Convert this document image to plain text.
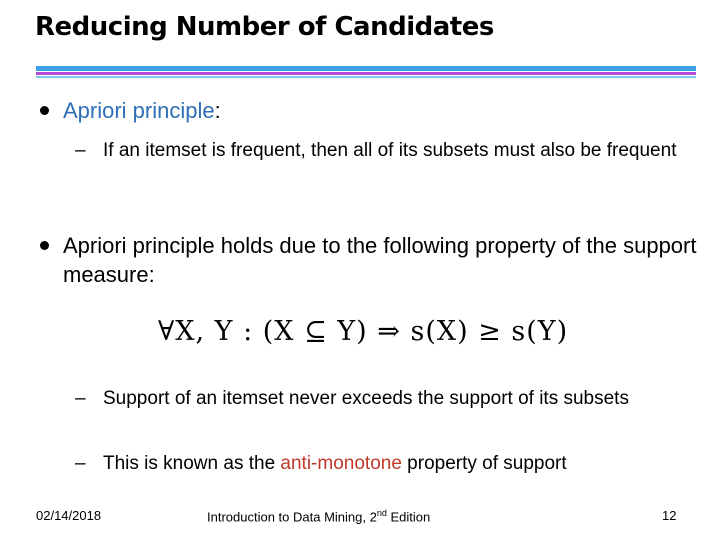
Reducing Number of Candidates
Apriori principle:
– If an itemset is frequent, then all of its subsets must also be frequent
Apriori principle holds due to the following property of the support measure:
∀X, Y : (X ⊆ Y) ⇒ s(X) ≥ s(Y)
– Support of an itemset never exceeds the support of its subsets
– This is known as the anti-monotone property of support
02/14/2018	Introduction to Data Mining, 2nd Edition	12
